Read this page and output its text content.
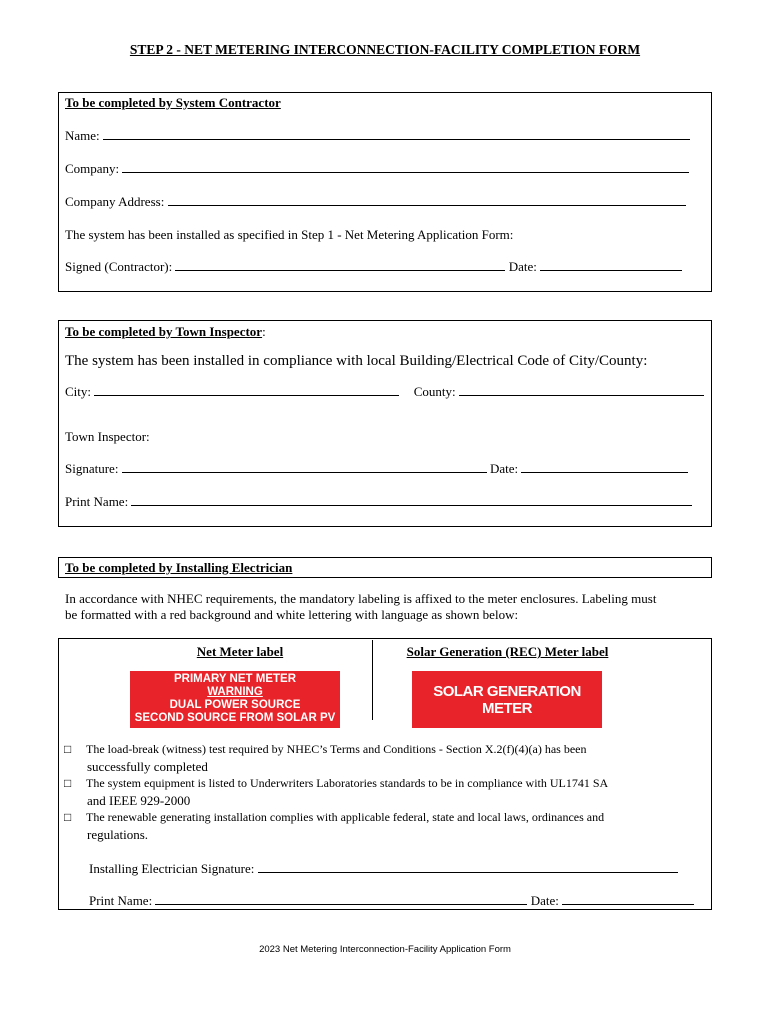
STEP 2 - NET METERING INTERCONNECTION-FACILITY COMPLETION FORM
To be completed by System Contractor
Name:
Company:
Company Address:
The system has been installed as specified in Step 1 - Net Metering Application Form:
Signed (Contractor):	Date:
To be completed by Town Inspector:
The system has been installed in compliance with local Building/Electrical Code of City/County:
City:	County:
Town Inspector:
Signature:	Date:
Print Name:
To be completed by Installing Electrician
In accordance with NHEC requirements, the mandatory labeling is affixed to the meter enclosures. Labeling must
be formatted with a red background and white lettering with language as shown below:
Net Meter label	Solar Generation (REC) Meter label
PRIMARY NET METER
WARNING
DUAL POWER SOURCE
SECOND SOURCE FROM SOLAR PV
SOLAR GENERATION METER
□ The load-break (witness) test required by NHEC’s Terms and Conditions - Section X.2(f)(4)(a) has been
successfully completed
□ The system equipment is listed to Underwriters Laboratories standards to be in compliance with UL1741 SA
and IEEE 929-2000
□ The renewable generating installation complies with applicable federal, state and local laws, ordinances and
regulations.
Installing Electrician Signature:
Print Name:	Date:
2023 Net Metering Interconnection-Facility Application Form
